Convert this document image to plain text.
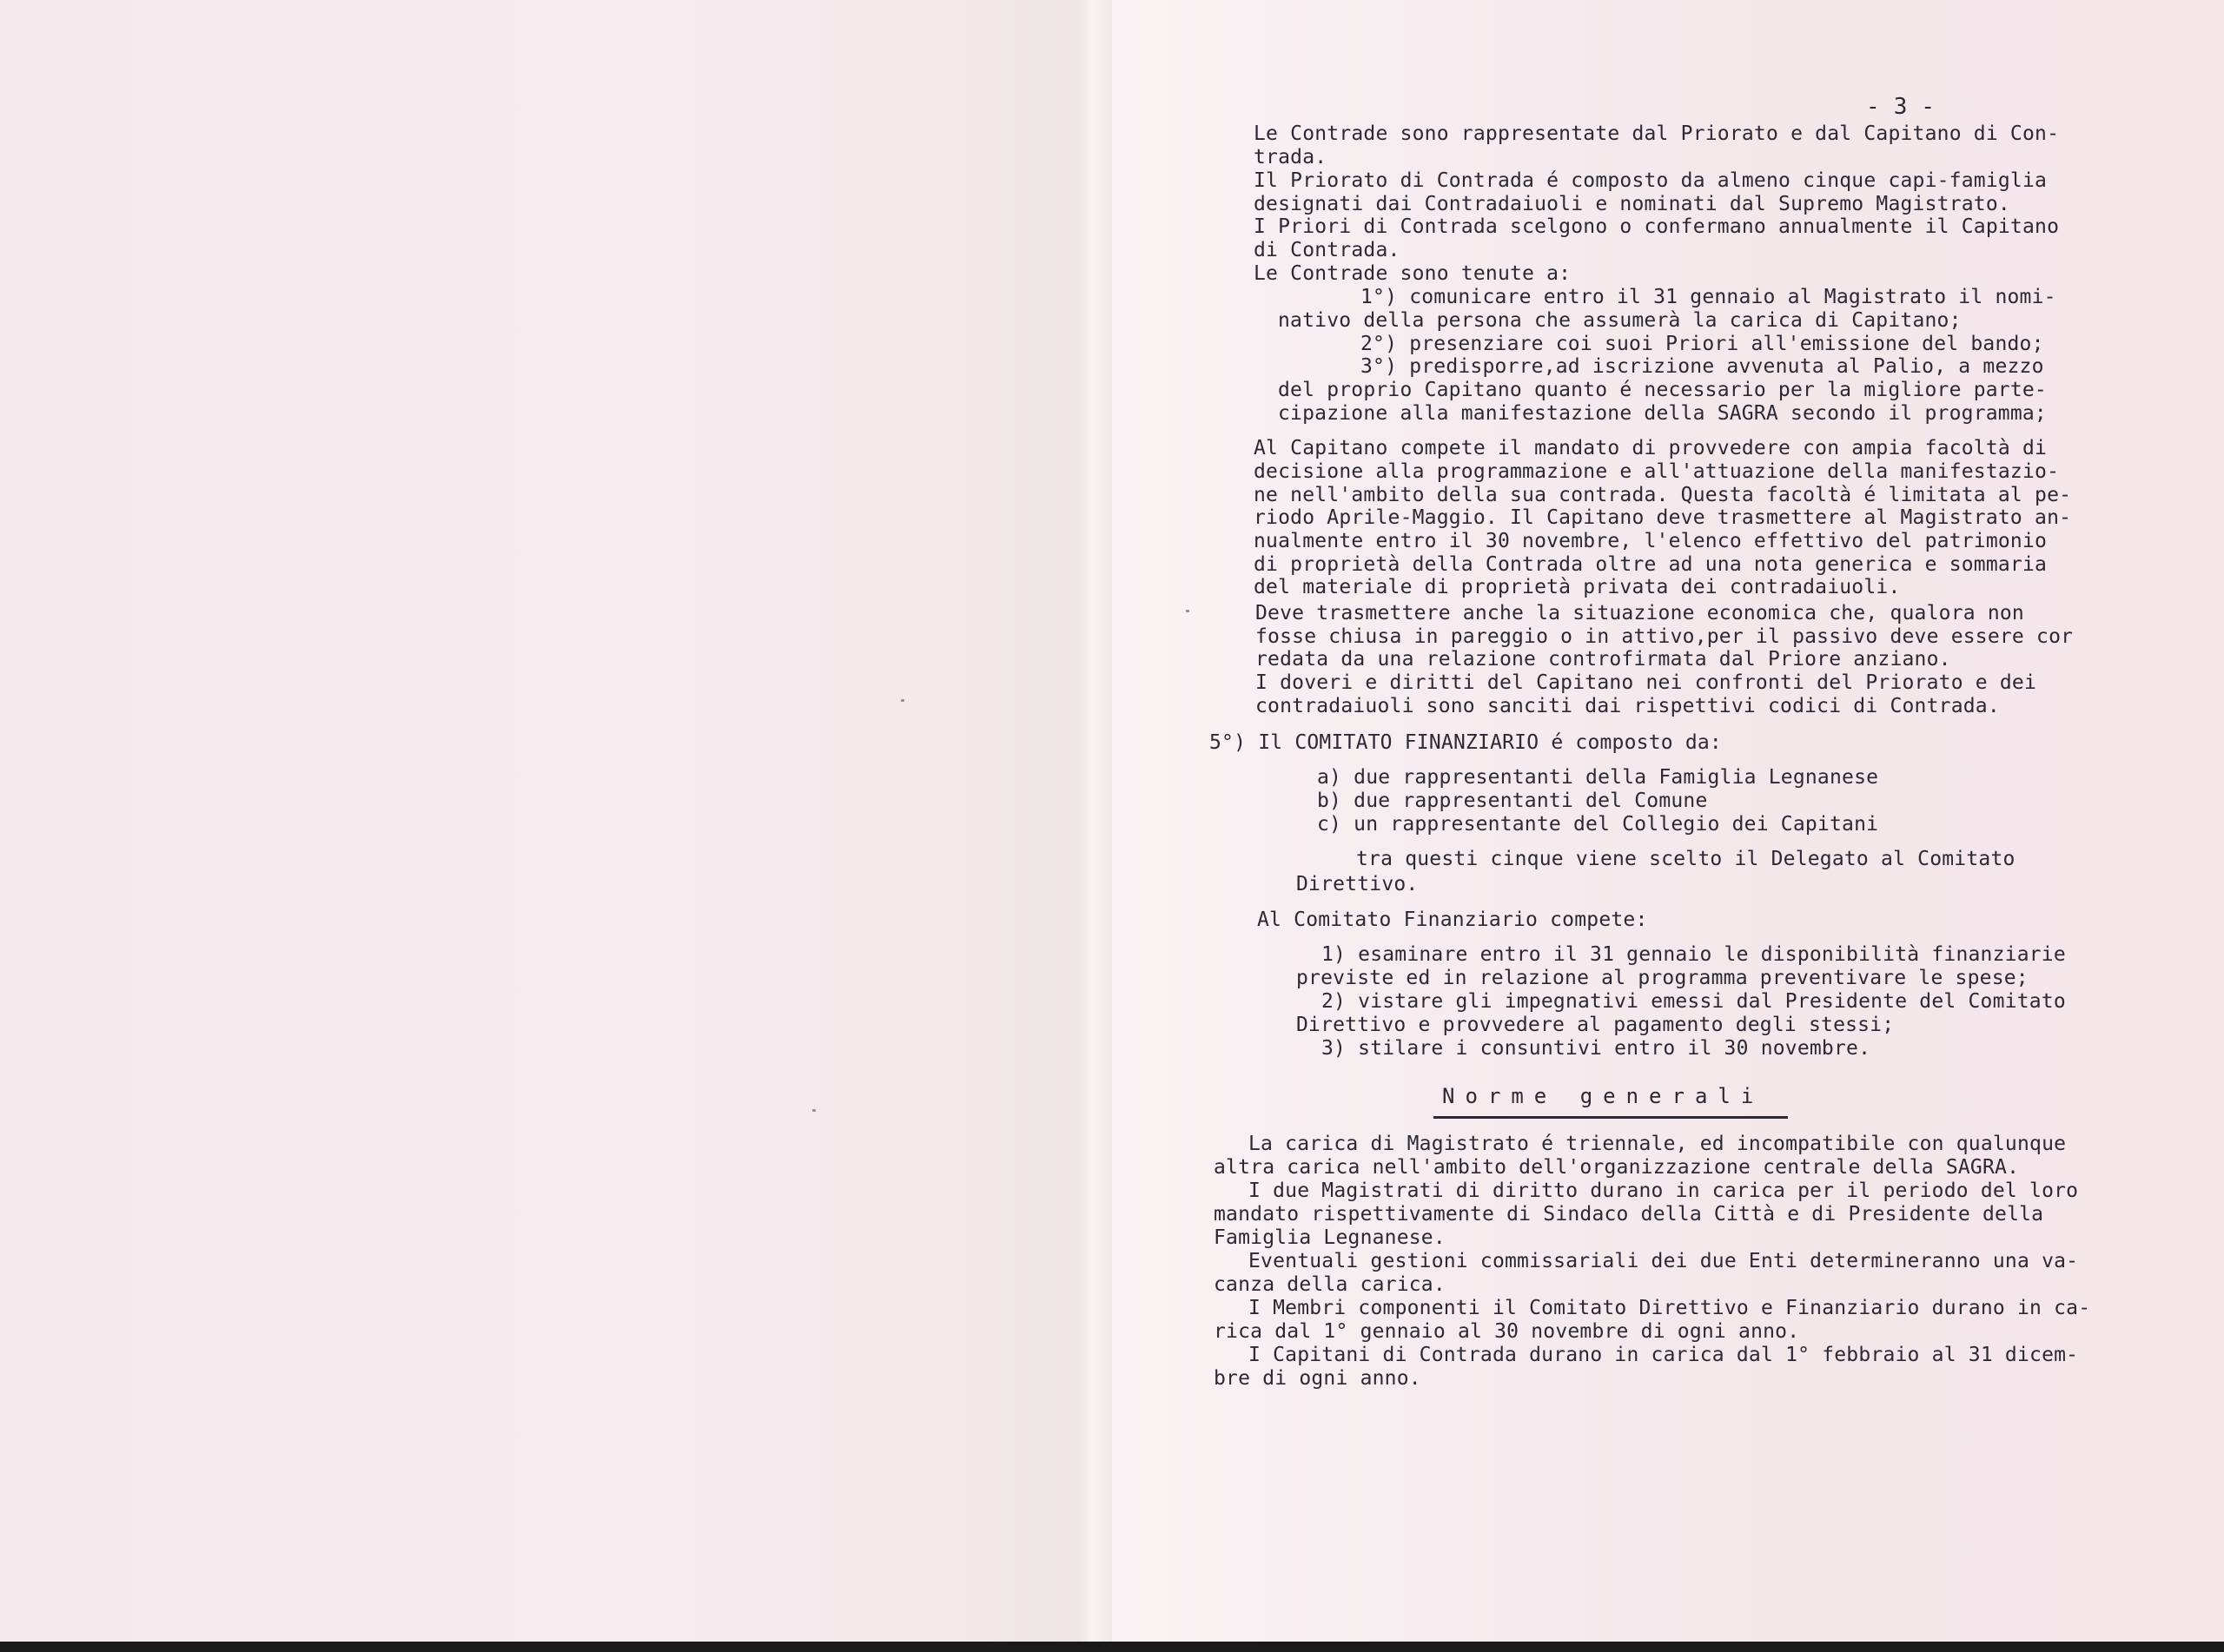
- 3 -
Le Contrade sono rappresentate dal Priorato e dal Capitano di Con-
trada.
Il Priorato di Contrada é composto da almeno cinque capi-famiglia
designati dai Contradaiuoli e nominati dal Supremo Magistrato.
I Priori di Contrada scelgono o confermano annualmente il Capitano
di Contrada.
Le Contrade sono tenute a:
1°) comunicare entro il 31 gennaio al Magistrato il nomi-
nativo della persona che assumerà la carica di Capitano;
2°) presenziare coi suoi Priori all'emissione del bando;
3°) predisporre,ad iscrizione avvenuta al Palio, a mezzo
del proprio Capitano quanto é necessario per la migliore parte-
cipazione alla manifestazione della SAGRA secondo il programma;
Al Capitano compete il mandato di provvedere con ampia facoltà di
decisione alla programmazione e all'attuazione della manifestazio-
ne nell'ambito della sua contrada. Questa facoltà é limitata al pe-
riodo Aprile-Maggio. Il Capitano deve trasmettere al Magistrato an-
nualmente entro il 30 novembre, l'elenco effettivo del patrimonio
di proprietà della Contrada oltre ad una nota generica e sommaria
del materiale di proprietà privata dei contradaiuoli.
Deve trasmettere anche la situazione economica che, qualora non
fosse chiusa in pareggio o in attivo,per il passivo deve essere cor
redata da una relazione controfirmata dal Priore anziano.
I doveri e diritti del Capitano nei confronti del Priorato e dei
contradaiuoli sono sanciti dai rispettivi codici di Contrada.
5°) Il COMITATO FINANZIARIO é composto da:
a) due rappresentanti della Famiglia Legnanese
b) due rappresentanti del Comune
c) un rappresentante del Collegio dei Capitani
tra questi cinque viene scelto il Delegato al Comitato
Direttivo.
Al Comitato Finanziario compete:
1) esaminare entro il 31 gennaio le disponibilità finanziarie
previste ed in relazione al programma preventivare le spese;
2) vistare gli impegnativi emessi dal Presidente del Comitato
Direttivo e provvedere al pagamento degli stessi;
3) stilare i consuntivi entro il 30 novembre.
Norme generali
La carica di Magistrato é triennale, ed incompatibile con qualunque
altra carica nell'ambito dell'organizzazione centrale della SAGRA.
I due Magistrati di diritto durano in carica per il periodo del loro
mandato rispettivamente di Sindaco della Città e di Presidente della
Famiglia Legnanese.
Eventuali gestioni commissariali dei due Enti determineranno una va-
canza della carica.
I Membri componenti il Comitato Direttivo e Finanziario durano in ca-
rica dal 1° gennaio al 30 novembre di ogni anno.
I Capitani di Contrada durano in carica dal 1° febbraio al 31 dicem-
bre di ogni anno.
